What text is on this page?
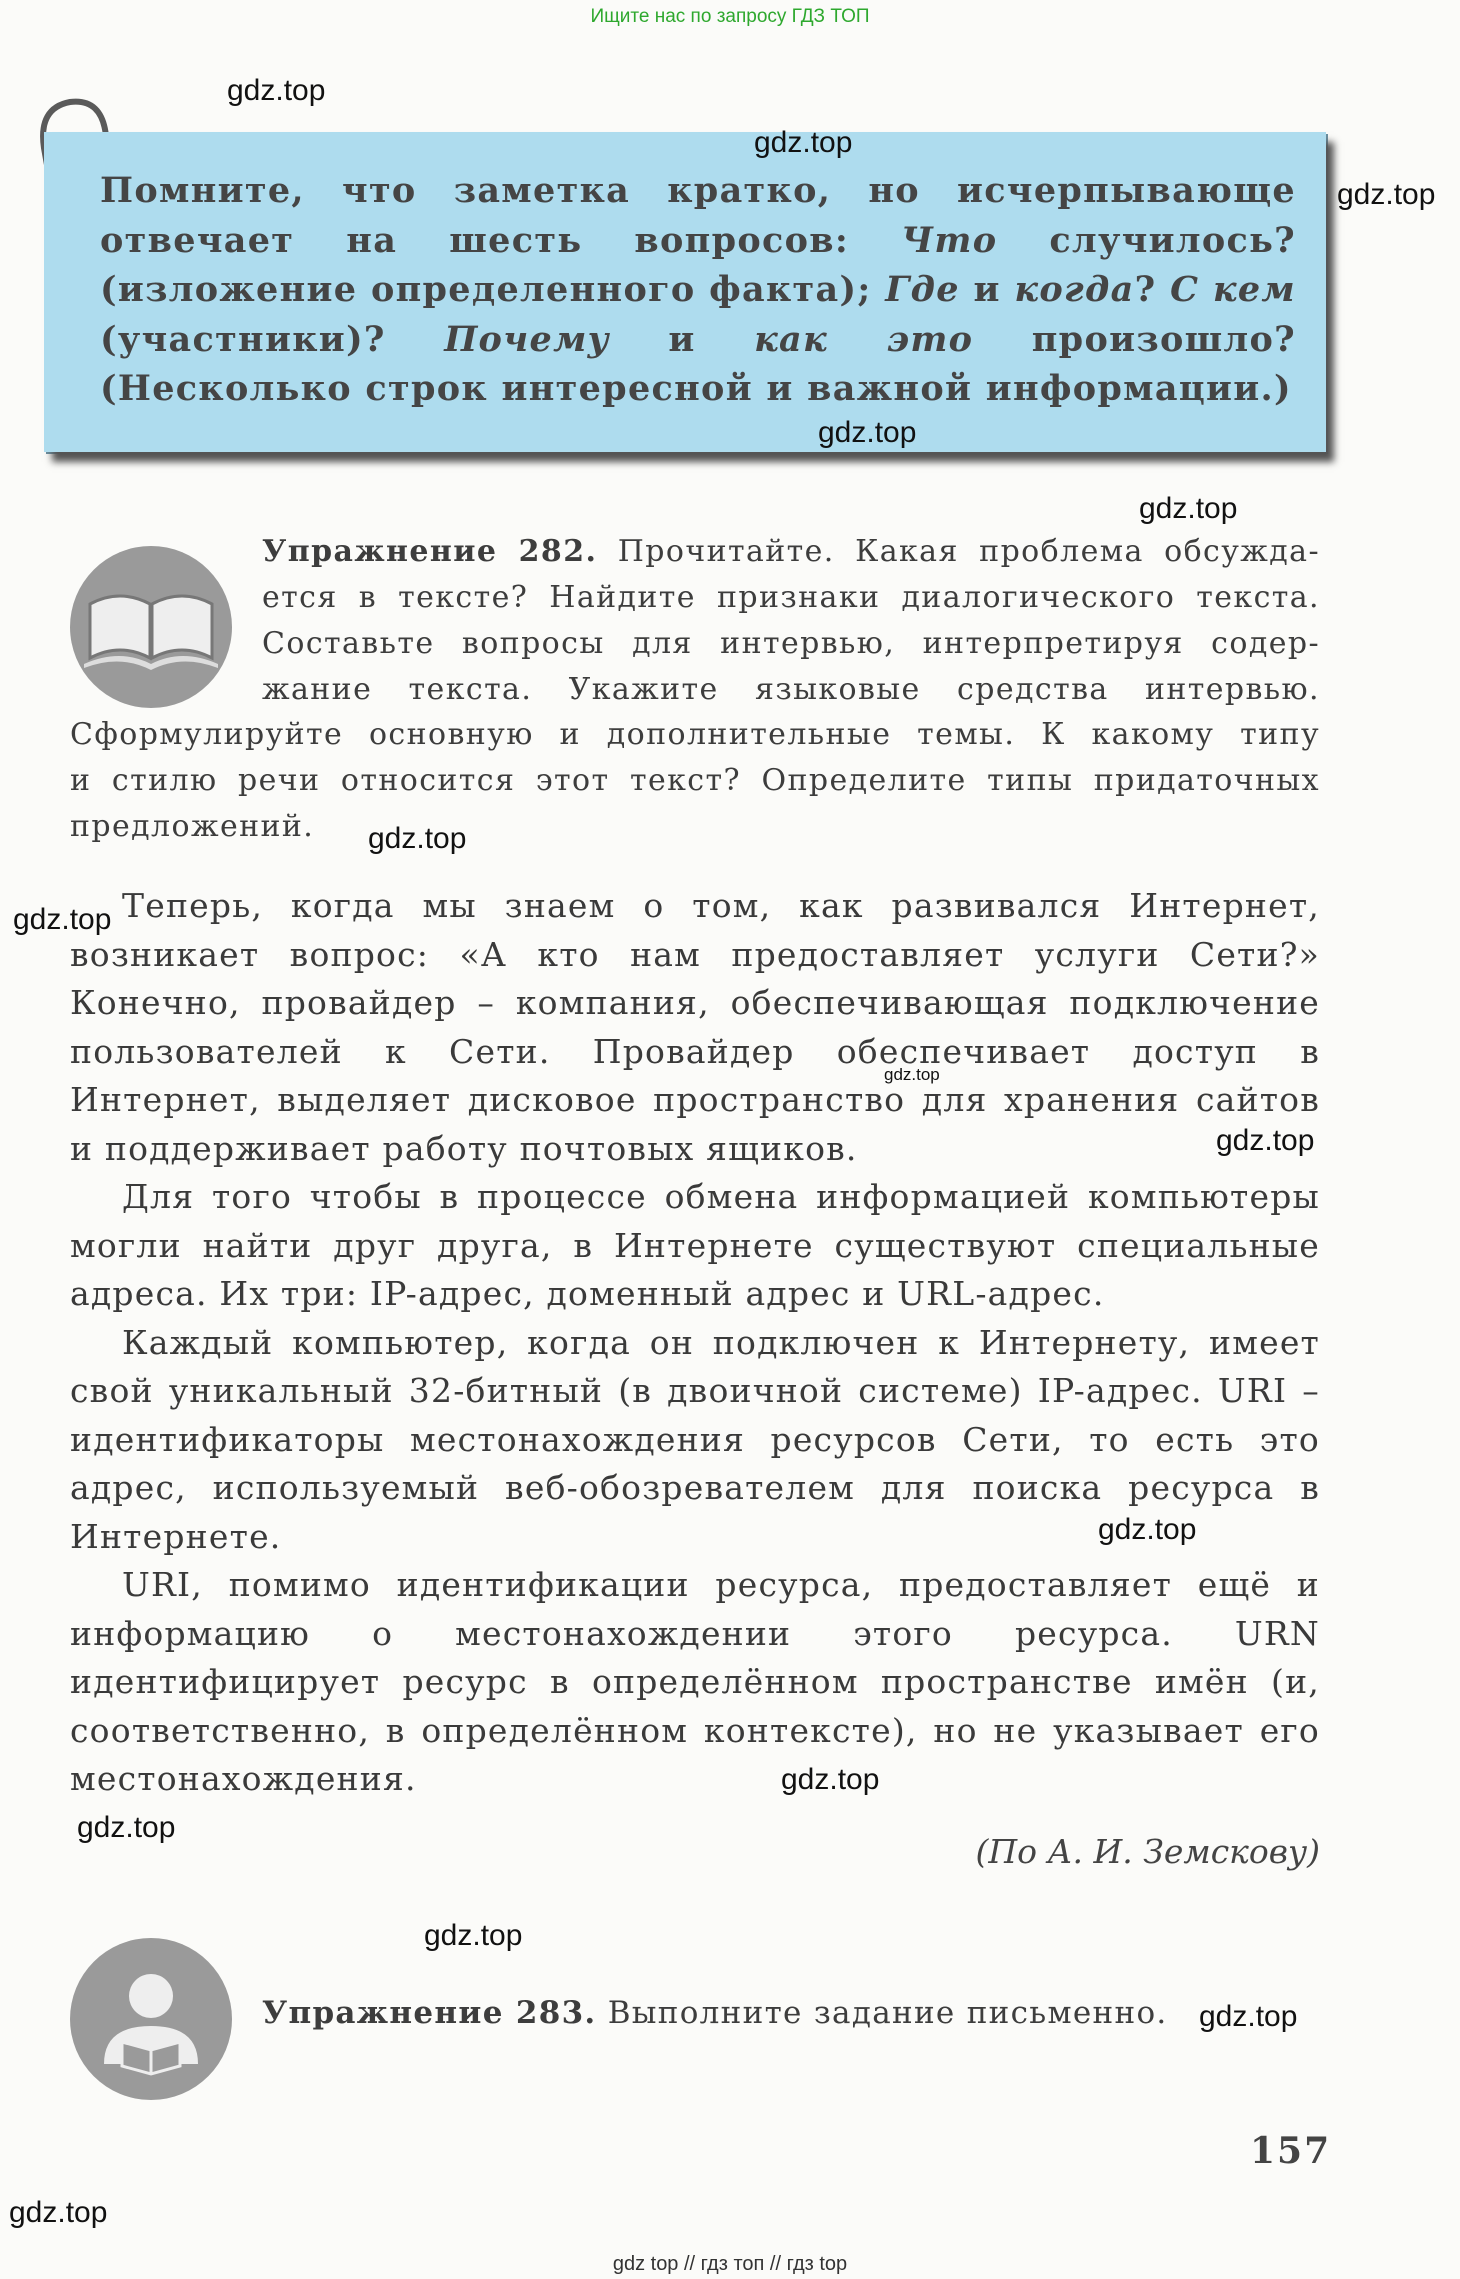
Ищите нас по запросу ГДЗ ТОП

Помните, что заметка кратко, но исчерпывающе отвечает на шесть вопросов: Что случилось? (изложение определенного факта); Где и когда? С кем (участники)? Почему и как это произошло? (Несколько строк интересной и важной информации.)

Упражнение 282. Прочитайте. Какая проблема обсужда-
ется в тексте? Найдите признаки диалогического текста.
Составьте вопросы для интервью, интерпретируя содер-
жание текста. Укажите языковые средства интервью.
Сформулируйте основную и дополнительные темы. К какому типу
и стилю речи относится этот текст? Определите типы придаточных
предложений.

Теперь, когда мы знаем о том, как развивался Интернет, возникает вопрос: «А кто нам предоставляет услуги Сети?» Конечно, провайдер – компания, обеспечивающая подключение пользователей к Сети. Провайдер обеспечивает доступ в Интернет, выделяет дисковое пространство для хранения сайтов и поддерживает работу почтовых ящиков.

Для того чтобы в процессе обмена информацией компьютеры могли найти друг друга, в Интернете существуют специальные адреса. Их три: IP-адрес, доменный адрес и URL-адрес.

Каждый компьютер, когда он подключен к Интернету, имеет свой уникальный 32-битный (в двоичной системе) IP-адрес. URI – идентификаторы местонахождения ресурсов Сети, то есть это адрес, используемый веб-обозревателем для поиска ресурса в Интернете.

URI, помимо идентификации ресурса, предоставляет ещё и информацию о местонахождении этого ресурса. URN идентифицирует ресурс в определённом пространстве имён (и, соответственно, в определённом контексте), но не указывает его местонахождения.

(По А. И. Земскову)
Упражнение 283. Выполните задание письменно.
157
gdz.top
gdz.top
gdz.top
gdz.top
gdz.top
gdz.top
gdz.top
gdz.top
gdz.top
gdz.top
gdz.top
gdz.top
gdz.top
gdz.top
gdz.top
gdz top // гдз топ // гдз top
